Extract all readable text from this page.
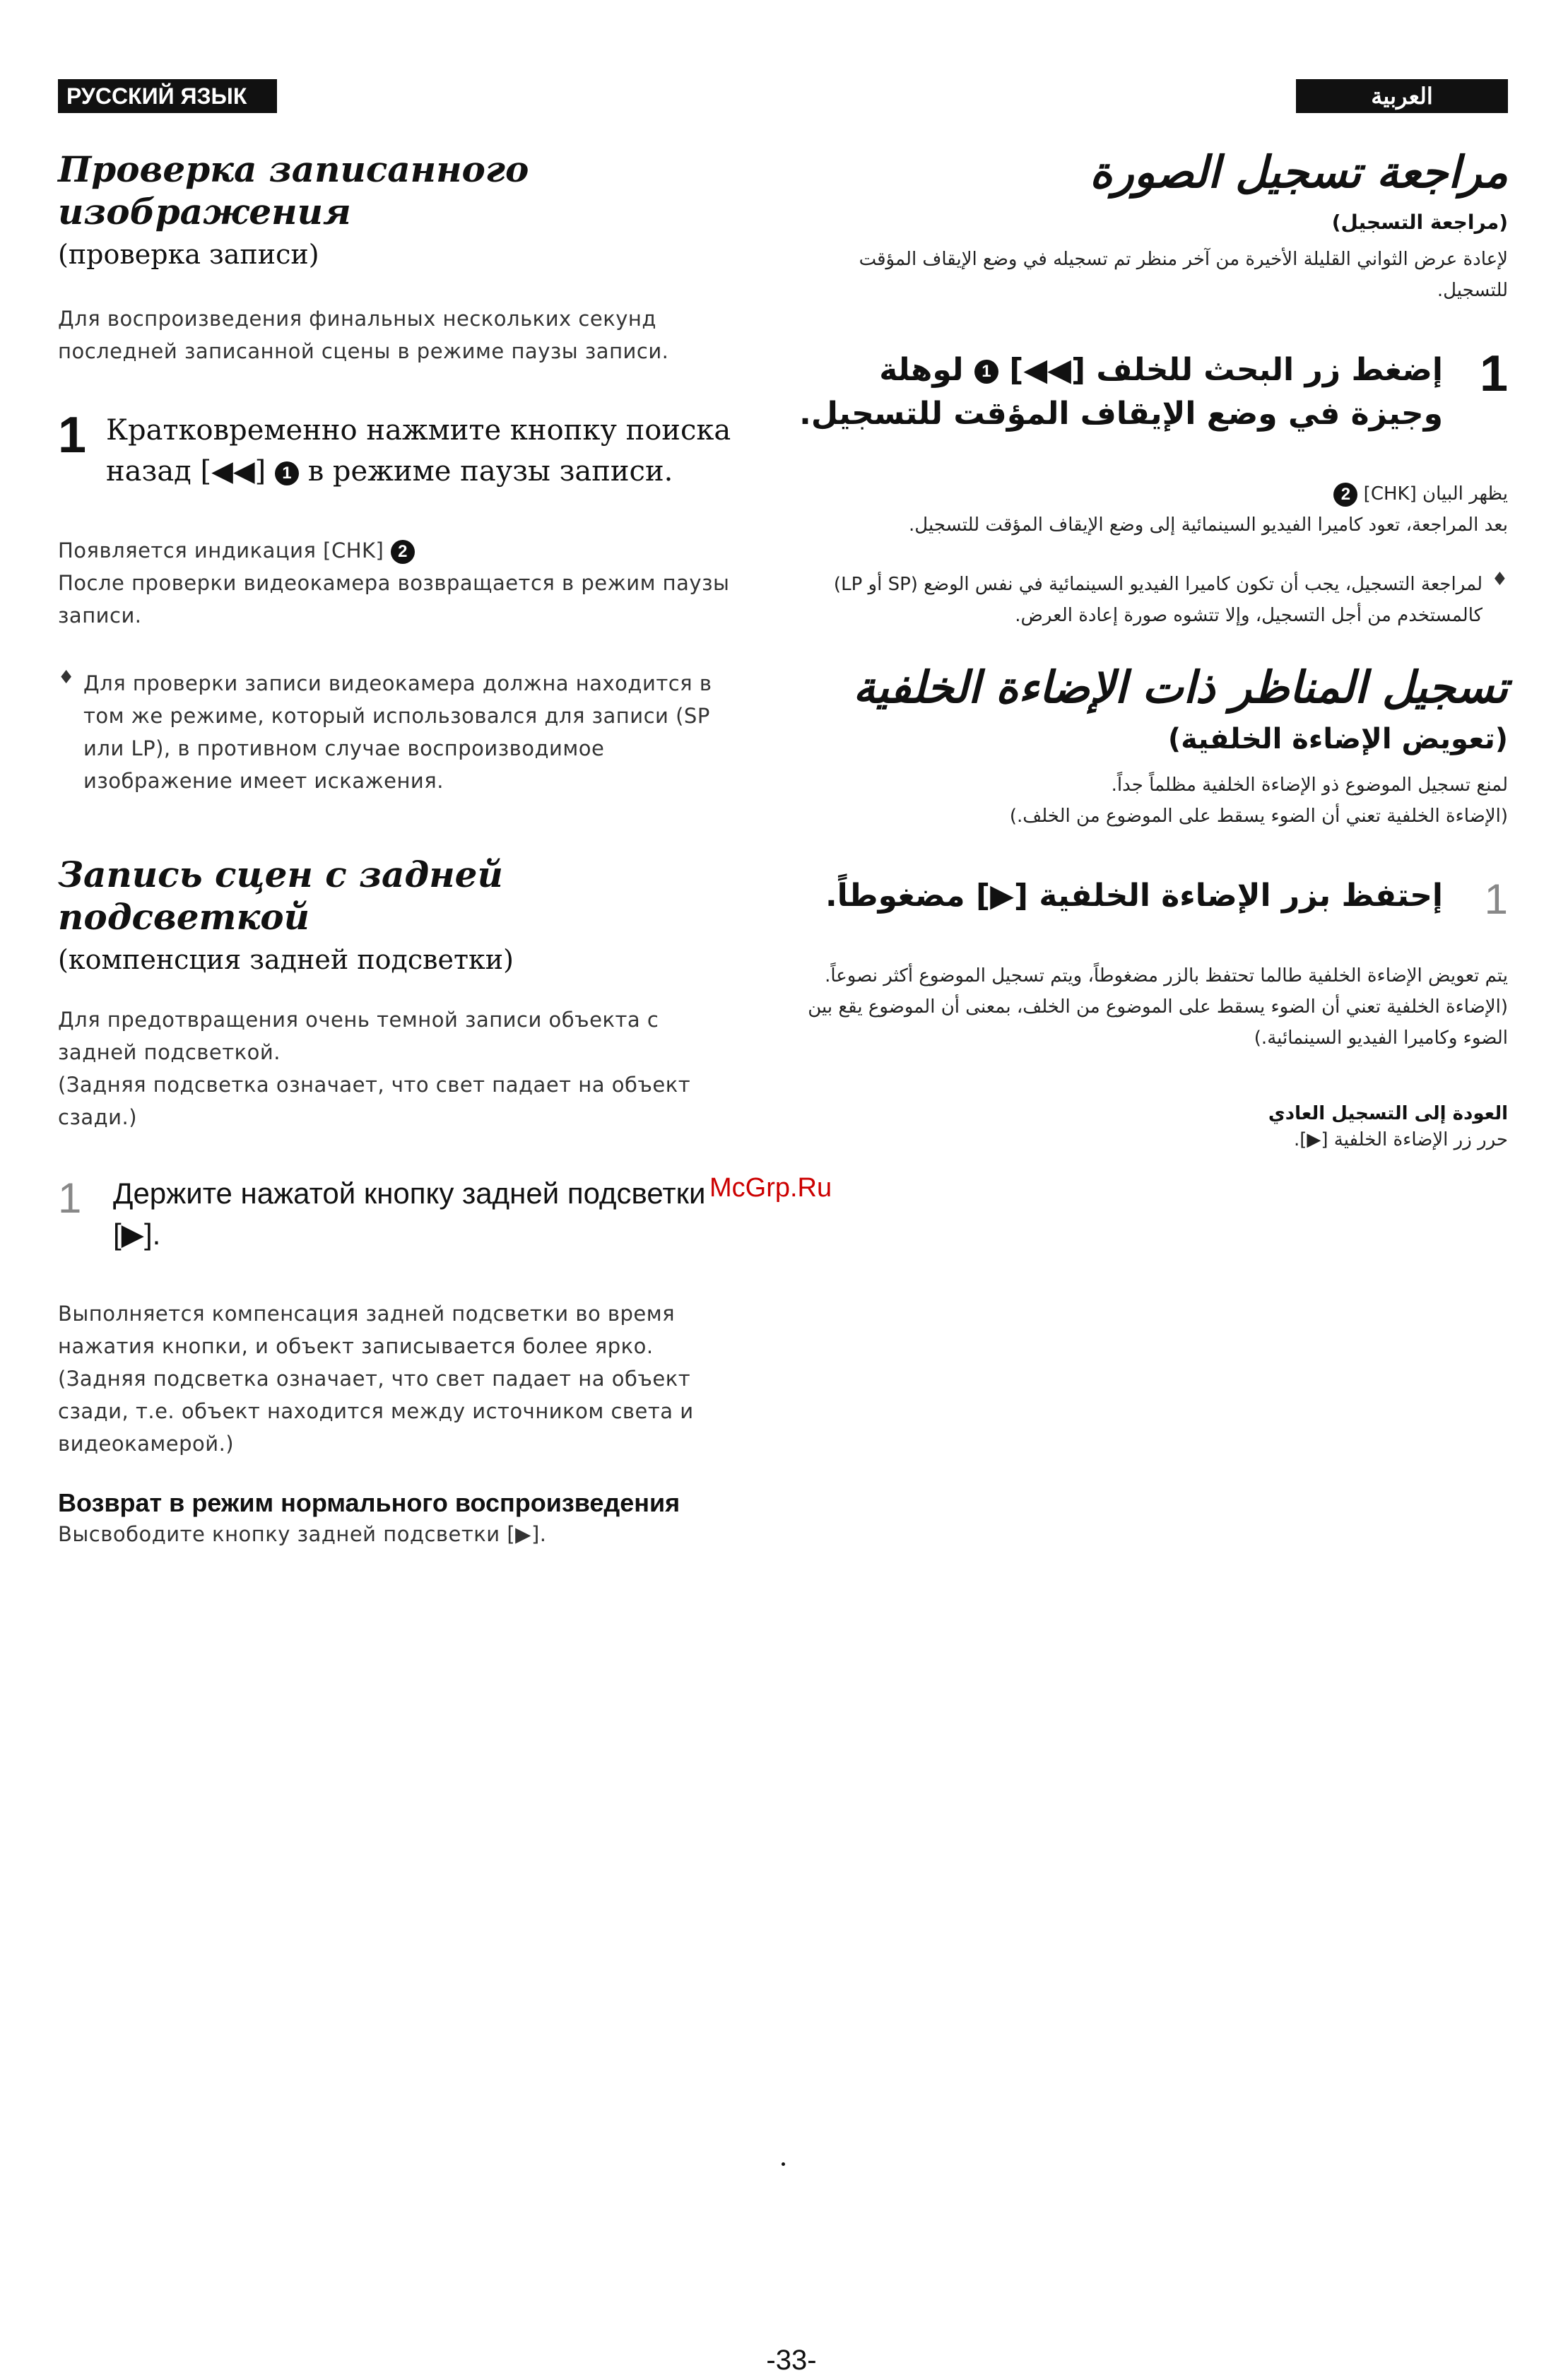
РУССКИЙ ЯЗЫК	العربية
Проверка записанного изображения

(проверка записи)

Для воспроизведения финальных нескольких секунд последней записанной сцены в режиме паузы записи.

1 Кратковременно нажмите кнопку поиска назад [◀◀] 1 в режиме паузы записи.

Появляется индикация [CHK] 2

После проверки видеокамера возвращается в режим паузы записи.

♦ Для проверки записи видеокамера должна находится в том же режиме, который использовался для записи (SP или LP), в противном случае воспроизводимое изображение имеет искажения.

Запись сцен с задней подсветкой

(компенсция задней подсветки)

Для предотвращения очень темной записи объекта с задней подсветкой.

(Задняя подсветка означает, что свет падает на объект сзади.)

1	Держите нажатой кнопку задней подсветки [▶].

Выполняется компенсация задней подсветки во время нажатия кнопки, и объект записывается более ярко.

(Задняя подсветка означает, что свет падает на объект сзади, т.е. объект находится между источником света и видеокамерой.)

Возврат в режим нормального воспроизведения

Высвободите кнопку задней подсветки [▶].

مراجعة تسجيل الصورة

(مراجعة التسجيل)

لإعادة عرض الثواني القليلة الأخيرة من آخر منظر تم تسجيله في وضع الإيقاف المؤقت للتسجيل.

1
إضغط زر البحث للخلف [◀◀] 1 لوهلة وجيزة في وضع الإيقاف المؤقت للتسجيل.

يظهر البيان [CHK] 2

بعد المراجعة، تعود كاميرا الفيديو السينمائية إلى وضع الإيقاف المؤقت للتسجيل.

♦

لمراجعة التسجيل، يجب أن تكون كاميرا الفيديو السينمائية في نفس الوضع (SP أو LP) كالمستخدم من أجل التسجيل، وإلا تتشوه صورة إعادة العرض.

تسجيل المناظر ذات الإضاءة الخلفية

(تعويض الإضاءة الخلفية)

لمنع تسجيل الموضوع ذو الإضاءة الخلفية مظلماً جداً.

(الإضاءة الخلفية تعني أن الضوء يسقط على الموضوع من الخلف.)

1
إحتفظ بزر الإضاءة الخلفية [▶] مضغوطاً.

يتم تعويض الإضاءة الخلفية طالما تحتفظ بالزر مضغوطاً، ويتم تسجيل الموضوع أكثر نصوعاً.

(الإضاءة الخلفية تعني أن الضوء يسقط على الموضوع من الخلف، بمعنى أن الموضوع يقع بين الضوء وكاميرا الفيديو السينمائية.)

العودة إلى التسجيل العادي

حرر زر الإضاءة الخلفية [▶].

McGrp.Ru
-33-
